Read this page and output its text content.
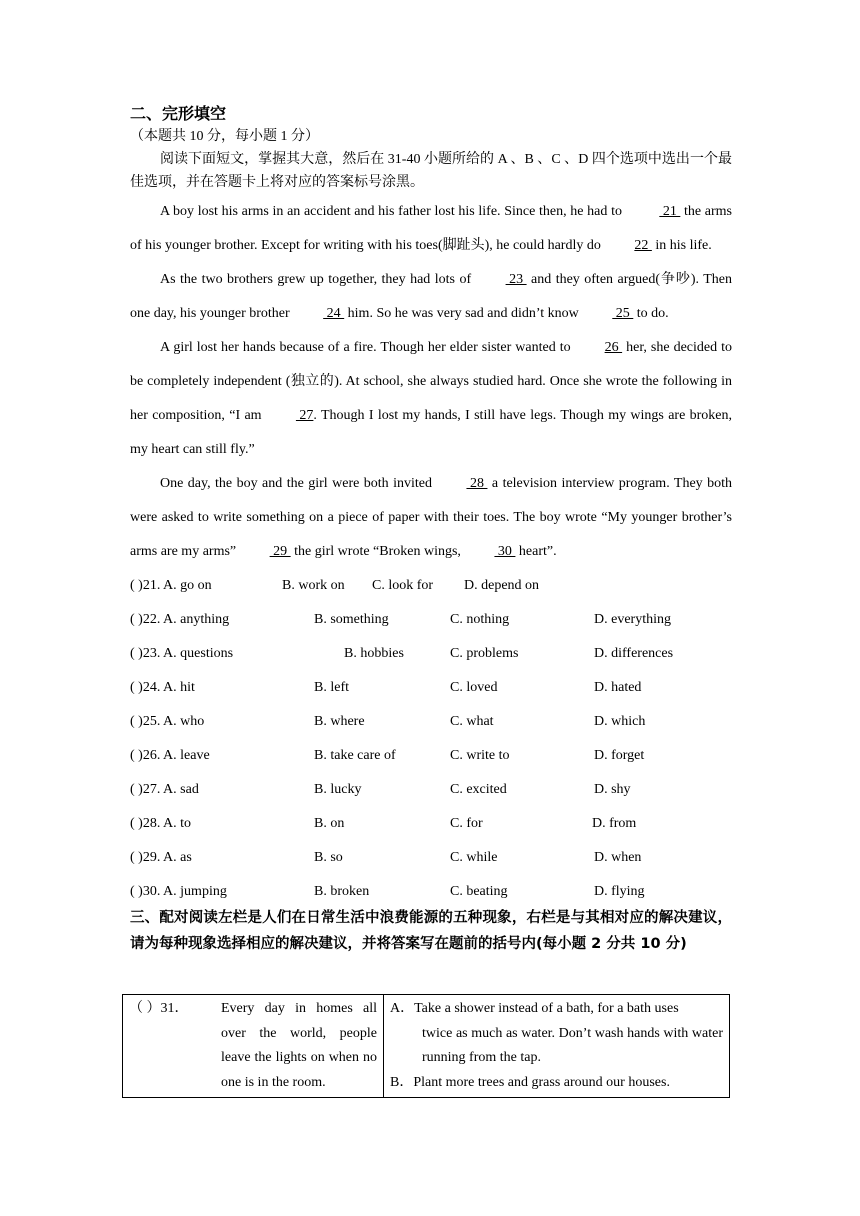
二、完形填空

（本题共 10 分，每小题 1 分）

阅读下面短文，掌握其大意，然后在 31-40 小题所给的 A 、B 、C 、D 四个选项中选出一个最佳选项，并在答题卡上将对应的答案标号涂黑。

A boy lost his arms in an accident and his father lost his life. Since then, he had to	21  the arms of his younger brother. Except for writing with his toes(脚趾头), he could hardly do 22  in his life.

As the two brothers grew up together, they had lots of  23  and they often argued(争吵). Then one day, his younger brother  24  him. So he was very sad and didn’t know  25  to do.

A girl lost her hands because of a fire. Though her elder sister wanted to 26  her, she decided to be completely independent (独立的). At school, she always studied hard. Once she wrote the following in her composition, “I am  27. Though I lost my hands, I still have legs. Though my wings are broken, my heart can still fly.”

One day, the boy and the girl were both invited  28  a television interview program. They both were asked to write something on a piece of paper with their toes. The boy wrote “My younger brother’s arms are my arms”  29  the girl wrote “Broken wings,  30  heart”.

( )21. A. go on	B. work on C. look for D. depend on
( )22. A. anything	B. something	C. nothing	D. everything
( )23. A. questions	B. hobbies	C. problems	D. differences
( )24. A. hit	B. left	C. loved	D. hated
( )25. A. who	B. where	C. what	D. which
( )26. A. leave	B. take care of	C. write to	D. forget
( )27. A. sad	B. lucky	C. excited	D. shy
( )28. A. to	B. on	C. for	D. from
( )29. A. as	B. so	C. while	D. when
( )30. A. jumping	B. broken	C. beating	D. flying

三、配对阅读左栏是人们在日常生活中浪费能源的五种现象，右栏是与其相对应的解决建议，请为每种现象选择相应的解决建议，并将答案写在题前的括号内(每小题 2 分共 10 分)

（ ）31． Every day in homes all over the world, people leave the lights on when no one is in the room.

A．Take a shower instead of a bath, for a bath uses
twice as much as water. Don’t wash hands with water running from the tap.
B．Plant more trees and grass around our houses.
